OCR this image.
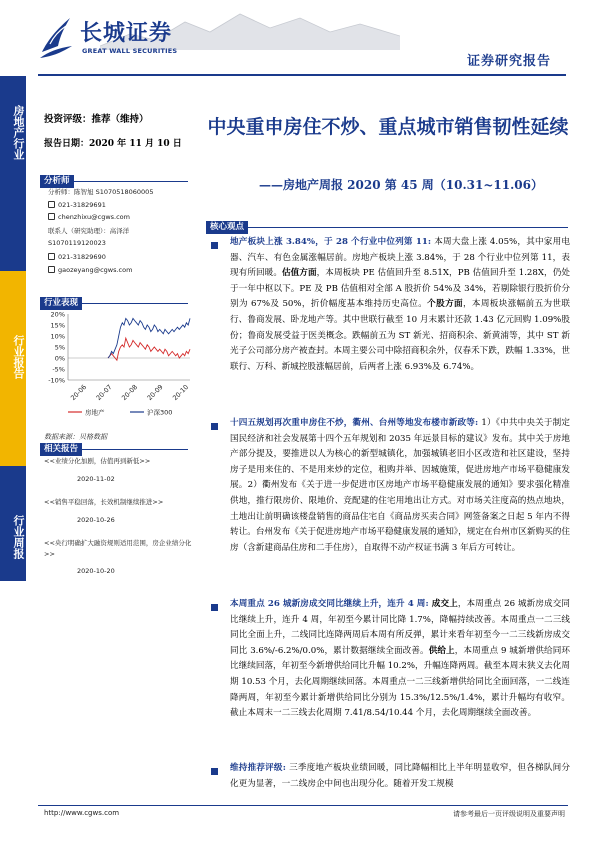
长城证券
GREAT WALL SECURITIES
证券研究报告
房地产行业
行业报告
行业周报
投资评级：推荐（维持）
报告日期：2020 年 11 月 10 日
中央重申房住不炒、重点城市销售韧性延续
——房地产周报 2020 第 45 周（10.31~11.06）
分析师
分析师：陈智旭 S1070518060005
021-31829691
chenzhixu@cgws.com
联系人（研究助理）：高泽洋
S1070119120023
021-31829690
gaozeyang@cgws.com
行业表现
20%
15%
10%
5%
0%
-5%
-10%
20-06 20-07 20-08 20-09 20-10
房地产	沪深300
数据来源：贝格数据
相关报告
<<业绩分化加剧，估值再到新低>>
2020-11-02
<<销售平稳回落，长效机制继续推进>>
2020-10-26
<<央行明确扩大融资规则适用范围，房企业绩分化>>
2020-10-20
核心观点
地产板块上涨 3.84%，于 28 个行业中位列第 11: 本周大盘上涨 4.05%，其中家用电器、汽车、有色金属涨幅居前。房地产板块上涨 3.84%，于 28 个行业中位列第 11，表现有所回暖。估值方面，本周板块 PE 估值回升至 8.51X，PB 估值回升至 1.28X，仍处于一年中枢以下。PE 及 PB 估值相对全部 A 股折价 54%及 34%，若剔除银行股折价分别为 67%及 50%，折价幅度基本维持历史高位。个股方面，本周板块涨幅前五为世联行、鲁商发展、卧龙地产等。其中世联行截至 10 月末累计还款 1.43 亿元回购 1.09%股份；鲁商发展受益于医美概念。跌幅前五为 ST 新光、招商积余、新黄浦等，其中 ST 新光子公司部分房产被查封。本周主要公司中除招商积余外，仅春禾下跌，跌幅 1.33%，世联行、万科、新城控股涨幅居前，后两者上涨 6.93%及 6.74%。
十四五规划再次重申房住不炒，衢州、台州等地发布楼市新政等: 1）《中共中央关于制定国民经济和社会发展第十四个五年规划和 2035 年远景目标的建议》发布。其中关于房地产部分提及，要推进以人为核心的新型城镇化，加强城镇老旧小区改造和社区建设，坚持房子是用来住的、不是用来炒的定位，租购并举、因城施策，促进房地产市场平稳健康发展。2）衢州发布《关于进一步促进市区房地产市场平稳健康发展的通知》要求强化精准供地，推行限房价、限地价、竞配建的住宅用地出让方式。对市场关注度高的热点地块，土地出让前明确该楼盘销售的商品住宅自《商品房买卖合同》网签备案之日起 5 年内不得转让。台州发布《关于促进房地产市场平稳健康发展的通知》，规定在台州市区新购买的住房（含新建商品住房和二手住房），自取得不动产权证书满 3 年后方可转让。
本周重点 26 城新房成交同比继续上升，连升 4 周: 成交上，本周重点 26 城新房成交同比继续上升，连升 4 周，年初至今累计同比降 1.7%，降幅持续改善。本周重点一二三线同比全面上升，二线同比连降两周后本周有所反弹，累计来看年初至今一二三线新房成交同比 3.6%/-6.2%/0.0%，累计数据继续全面改善。供给上，本周重点 9 城新增供给同环比继续回落，年初至今新增供给同比升幅 10.2%，升幅连降两周。截至本周末狭义去化周期 10.53 个月，去化周期继续回落。本周重点一二三线新增供给同比全面回落，一二线连降两周，年初至今累计新增供给同比分别为 15.3%/12.5%/1.4%，累计升幅均有收窄。截止本周末一二三线去化周期 7.41/8.54/10.44 个月，去化周期继续全面改善。
维持推荐评级: 三季度地产板块业绩回暖，同比降幅相比上半年明显收窄，但各梯队间分化更为显著，一二线房企中间也出现分化。随着开发工规模
http://www.cgws.com	请参考最后一页评级说明及重要声明
